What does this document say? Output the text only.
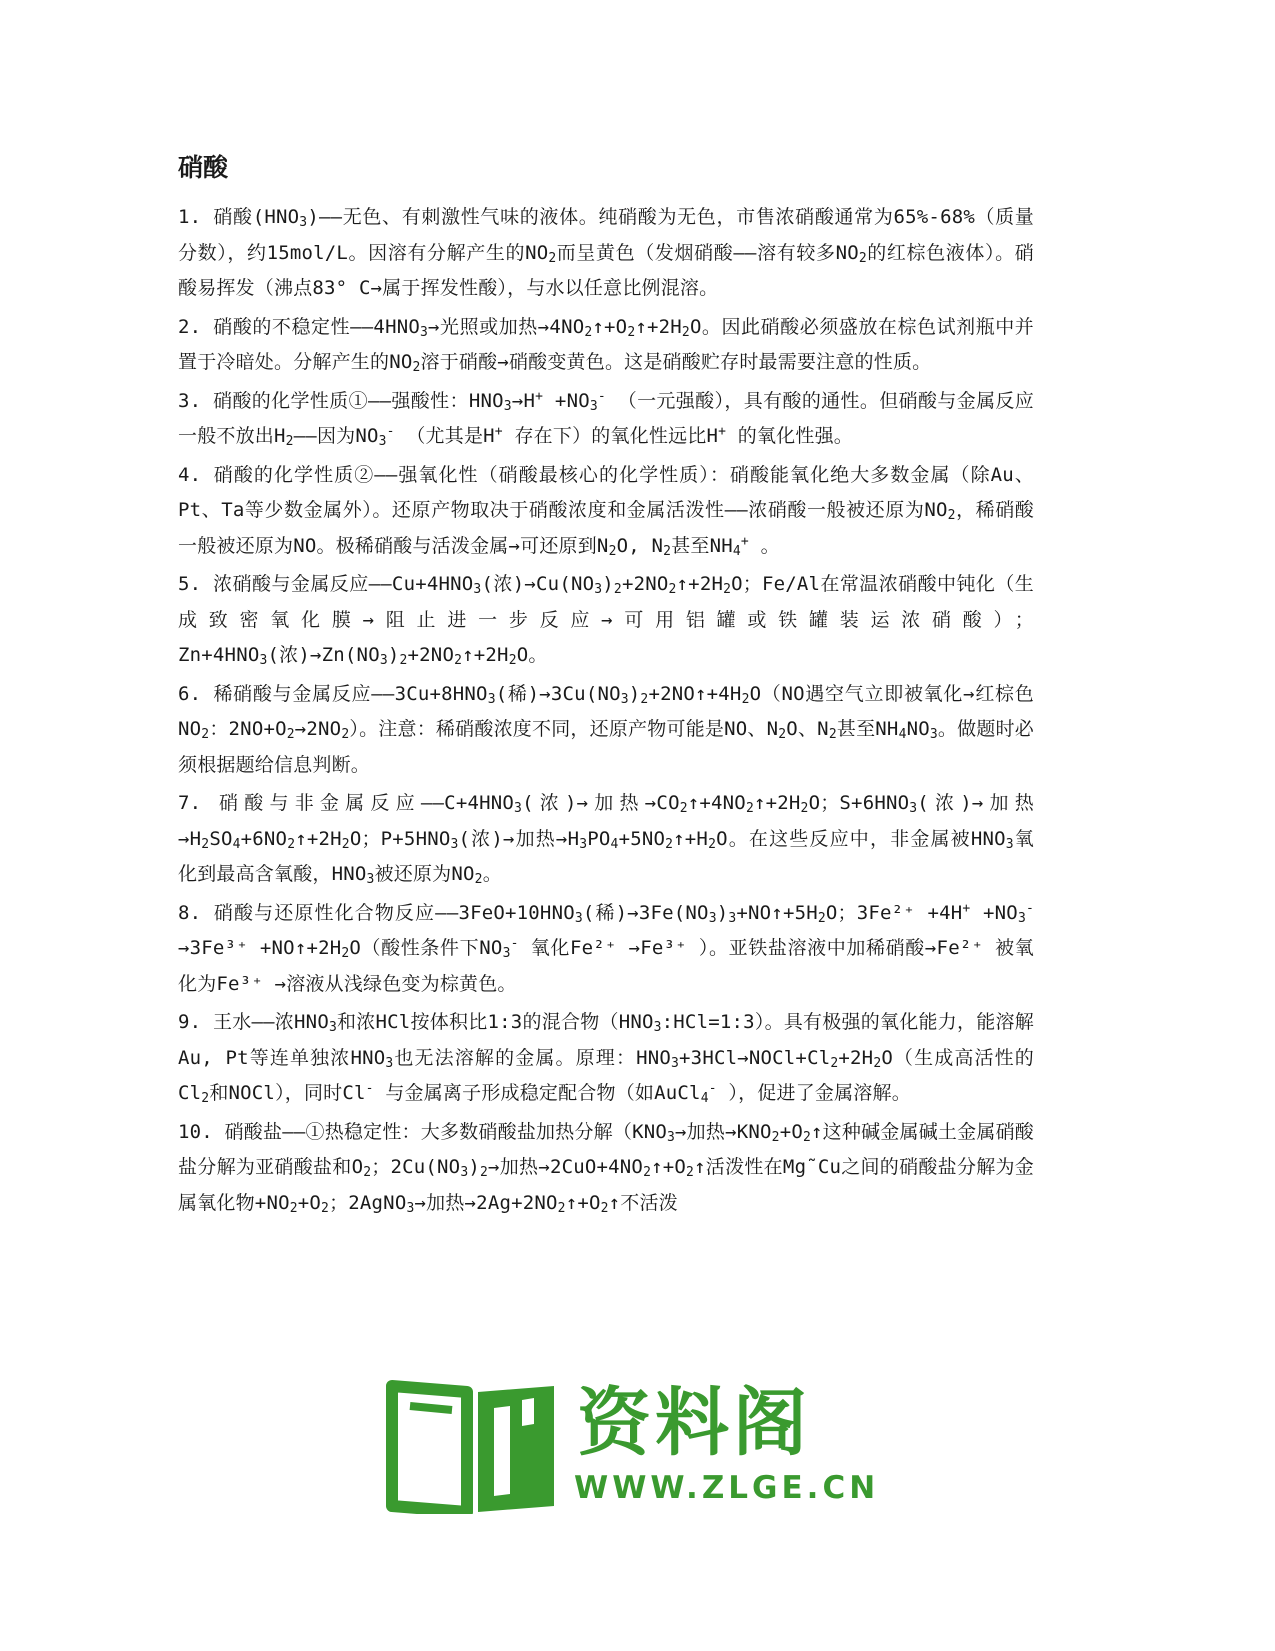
硝酸

1. 硝酸$(HNO_3)——$无色、有刺激性气味的液体。纯硝酸为无色，市售浓硝酸通常为65%-68%（质量分数），约15mol/L。因溶有分解产生的$NO_2$而呈黄色（发烟硝酸——溶有较多$NO_2$的红棕色液体）。硝酸易挥发（沸点83° C→属于挥发性酸），与水以任意比例混溶。

2. 硝酸的不稳定性$——4HNO_3\to$光照或加热$\to 4NO_2↑+O_2↑+2H_2O$。因此硝酸必须盛放在棕色试剂瓶中并置于冷暗处。分解产生的$NO_2$溶于硝酸→硝酸变黄色。这是硝酸贮存时最需要注意的性质。

3. 硝酸的化学性质①——强酸性：$HNO_3\to H^+ +NO_3^-$ （一元强酸），具有酸的通性。但硝酸与金属反应一般不放出$H_2——$因为$NO_3^-$ （尤其是H+ 存在下）的氧化性远比H+ 的氧化性强。

4. 硝酸的化学性质②——强氧化性（硝酸最核心的化学性质）：硝酸能氧化绝大多数金属（除Au、Pt、Ta等少数金属外）。还原产物取决于硝酸浓度和金属活泼性——浓硝酸一般被还原为$NO_2$，稀硝酸一般被还原为NO。极稀硝酸与活泼金属→可还原到$N_2O$, $N_2$甚至$NH_4^+$ 。

5. 浓硝酸与金属反应$——Cu+4HNO_3$(浓)$\to Cu(NO_3)_2+2NO_2↑+2H_2O$；Fe/Al在常温浓硝酸中钝化（生成致密氧化膜→阻止进一步反应→可用铝罐或铁罐装运浓硝酸）；$Zn+4HNO_3$(浓)$\to Zn(NO_3)_2+2NO_2↑+2H_2O$。

6. 稀硝酸与金属反应$——3Cu+8HNO_3$(稀)$\to 3Cu(NO_3)_2+2NO↑+4H_2O(NO$遇空气立即被氧化→红棕色$NO_2$：$2NO+O_2\to 2NO_2$）。注意：稀硝酸浓度不同，还原产物可能是NO、$N_2O$、$N_2$甚至$NH_4NO_3$。做题时必须根据题给信息判断。

7. 硝酸与非金属反应$——C+4HNO_3$(浓)→加热$\to CO_2↑+4NO_2↑+2H_2O$；$S+6HNO_3$(浓)→加热$\to H_2SO_4+6NO_2↑+2H_2O$；$P+5HNO_3$(浓)→加热$\to H_3PO_4+5NO_2↑+H_2O$。在这些反应中，非金属被$HNO_3$氧化到最高含氧酸，$HNO_3$被还原为$NO_2$。

8. 硝酸与还原性化合物反应$——3FeO+10HNO_3$(稀)$\to 3Fe(NO_3)_3+NO↑+5H_2O$；$3Fe^{2+} +4H^+ +NO_3^- \to 3Fe^{3+}$ $+NO↑+2H_2O$（酸性条件下$NO_3^-$ 氧化Fe²⁺ →Fe³⁺ ）。亚铁盐溶液中加稀硝酸→Fe²⁺ 被氧化为Fe³⁺ →溶液从浅绿色变为棕黄色。

9. 王水——浓$HNO_3$和浓HCl按体积比1:3的混合物$(HNO_3:HCl=1:3)$。具有极强的氧化能力，能溶解Au, Pt等连单独浓$HNO_3$也无法溶解的金属。原理：$HNO_3+3HCl\to NOCl+Cl_2+2H_2O$（生成高活性的$Cl_2$和NOCl），同时Cl- 与金属离子形成稳定配合物（如AuCl$_4$- ），促进了金属溶解。

10. 硝酸盐——①热稳定性：大多数硝酸盐加热分解（$KNO_3\to$加热$\to KNO_2+O_2↑$这种碱金属碱土金属硝酸盐分解为亚硝酸盐和$O_2$；$2Cu(NO_3)_2\to$加热$\to 2CuO+4NO_2↑+O_2↑$活泼性在Mg˜Cu之间的硝酸盐分解为金属氧化物$+NO_2+O_2$；2AgNO$_3$→加热$\to 2Ag+2NO_2↑+O_2↑$不活泼

资料阁
WWW.ZLGE.CN
